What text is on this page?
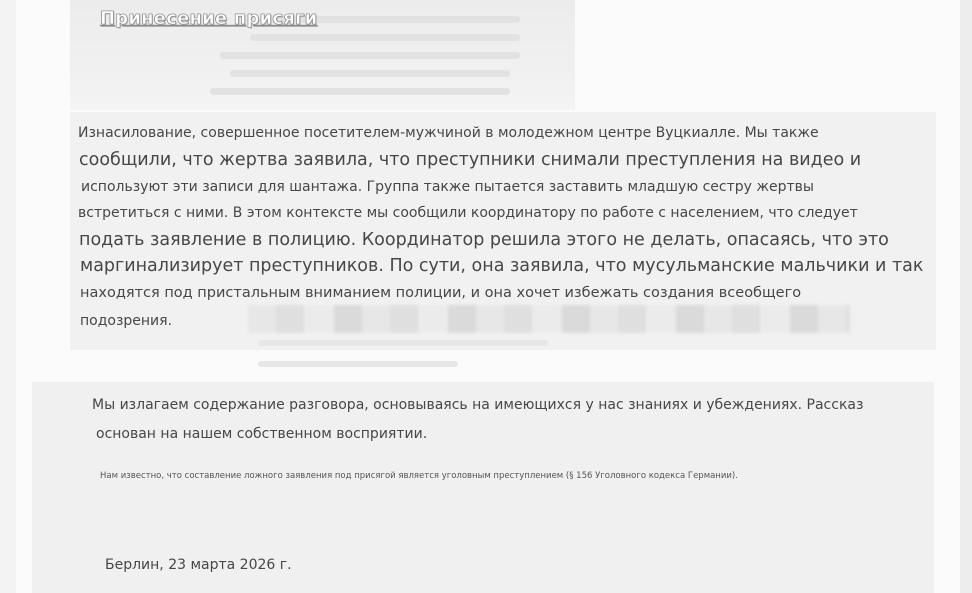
Принесение присяги
Изнасилование, совершенное посетителем-мужчиной в молодежном центре Вуцкиалле. Мы также
сообщили, что жертва заявила, что преступники снимали преступления на видео и
используют эти записи для шантажа. Группа также пытается заставить младшую сестру жертвы
встретиться с ними. В этом контексте мы сообщили координатору по работе с населением, что следует
подать заявление в полицию. Координатор решила этого не делать, опасаясь, что это
маргинализирует преступников. По сути, она заявила, что мусульманские мальчики и так
находятся под пристальным вниманием полиции, и она хочет избежать создания всеобщего
подозрения.
Мы излагаем содержание разговора, основываясь на имеющихся у нас знаниях и убеждениях. Рассказ
основан на нашем собственном восприятии.
Нам известно, что составление ложного заявления под присягой является уголовным преступлением (§ 156 Уголовного кодекса Германии).
Берлин, 23 марта 2026 г.
